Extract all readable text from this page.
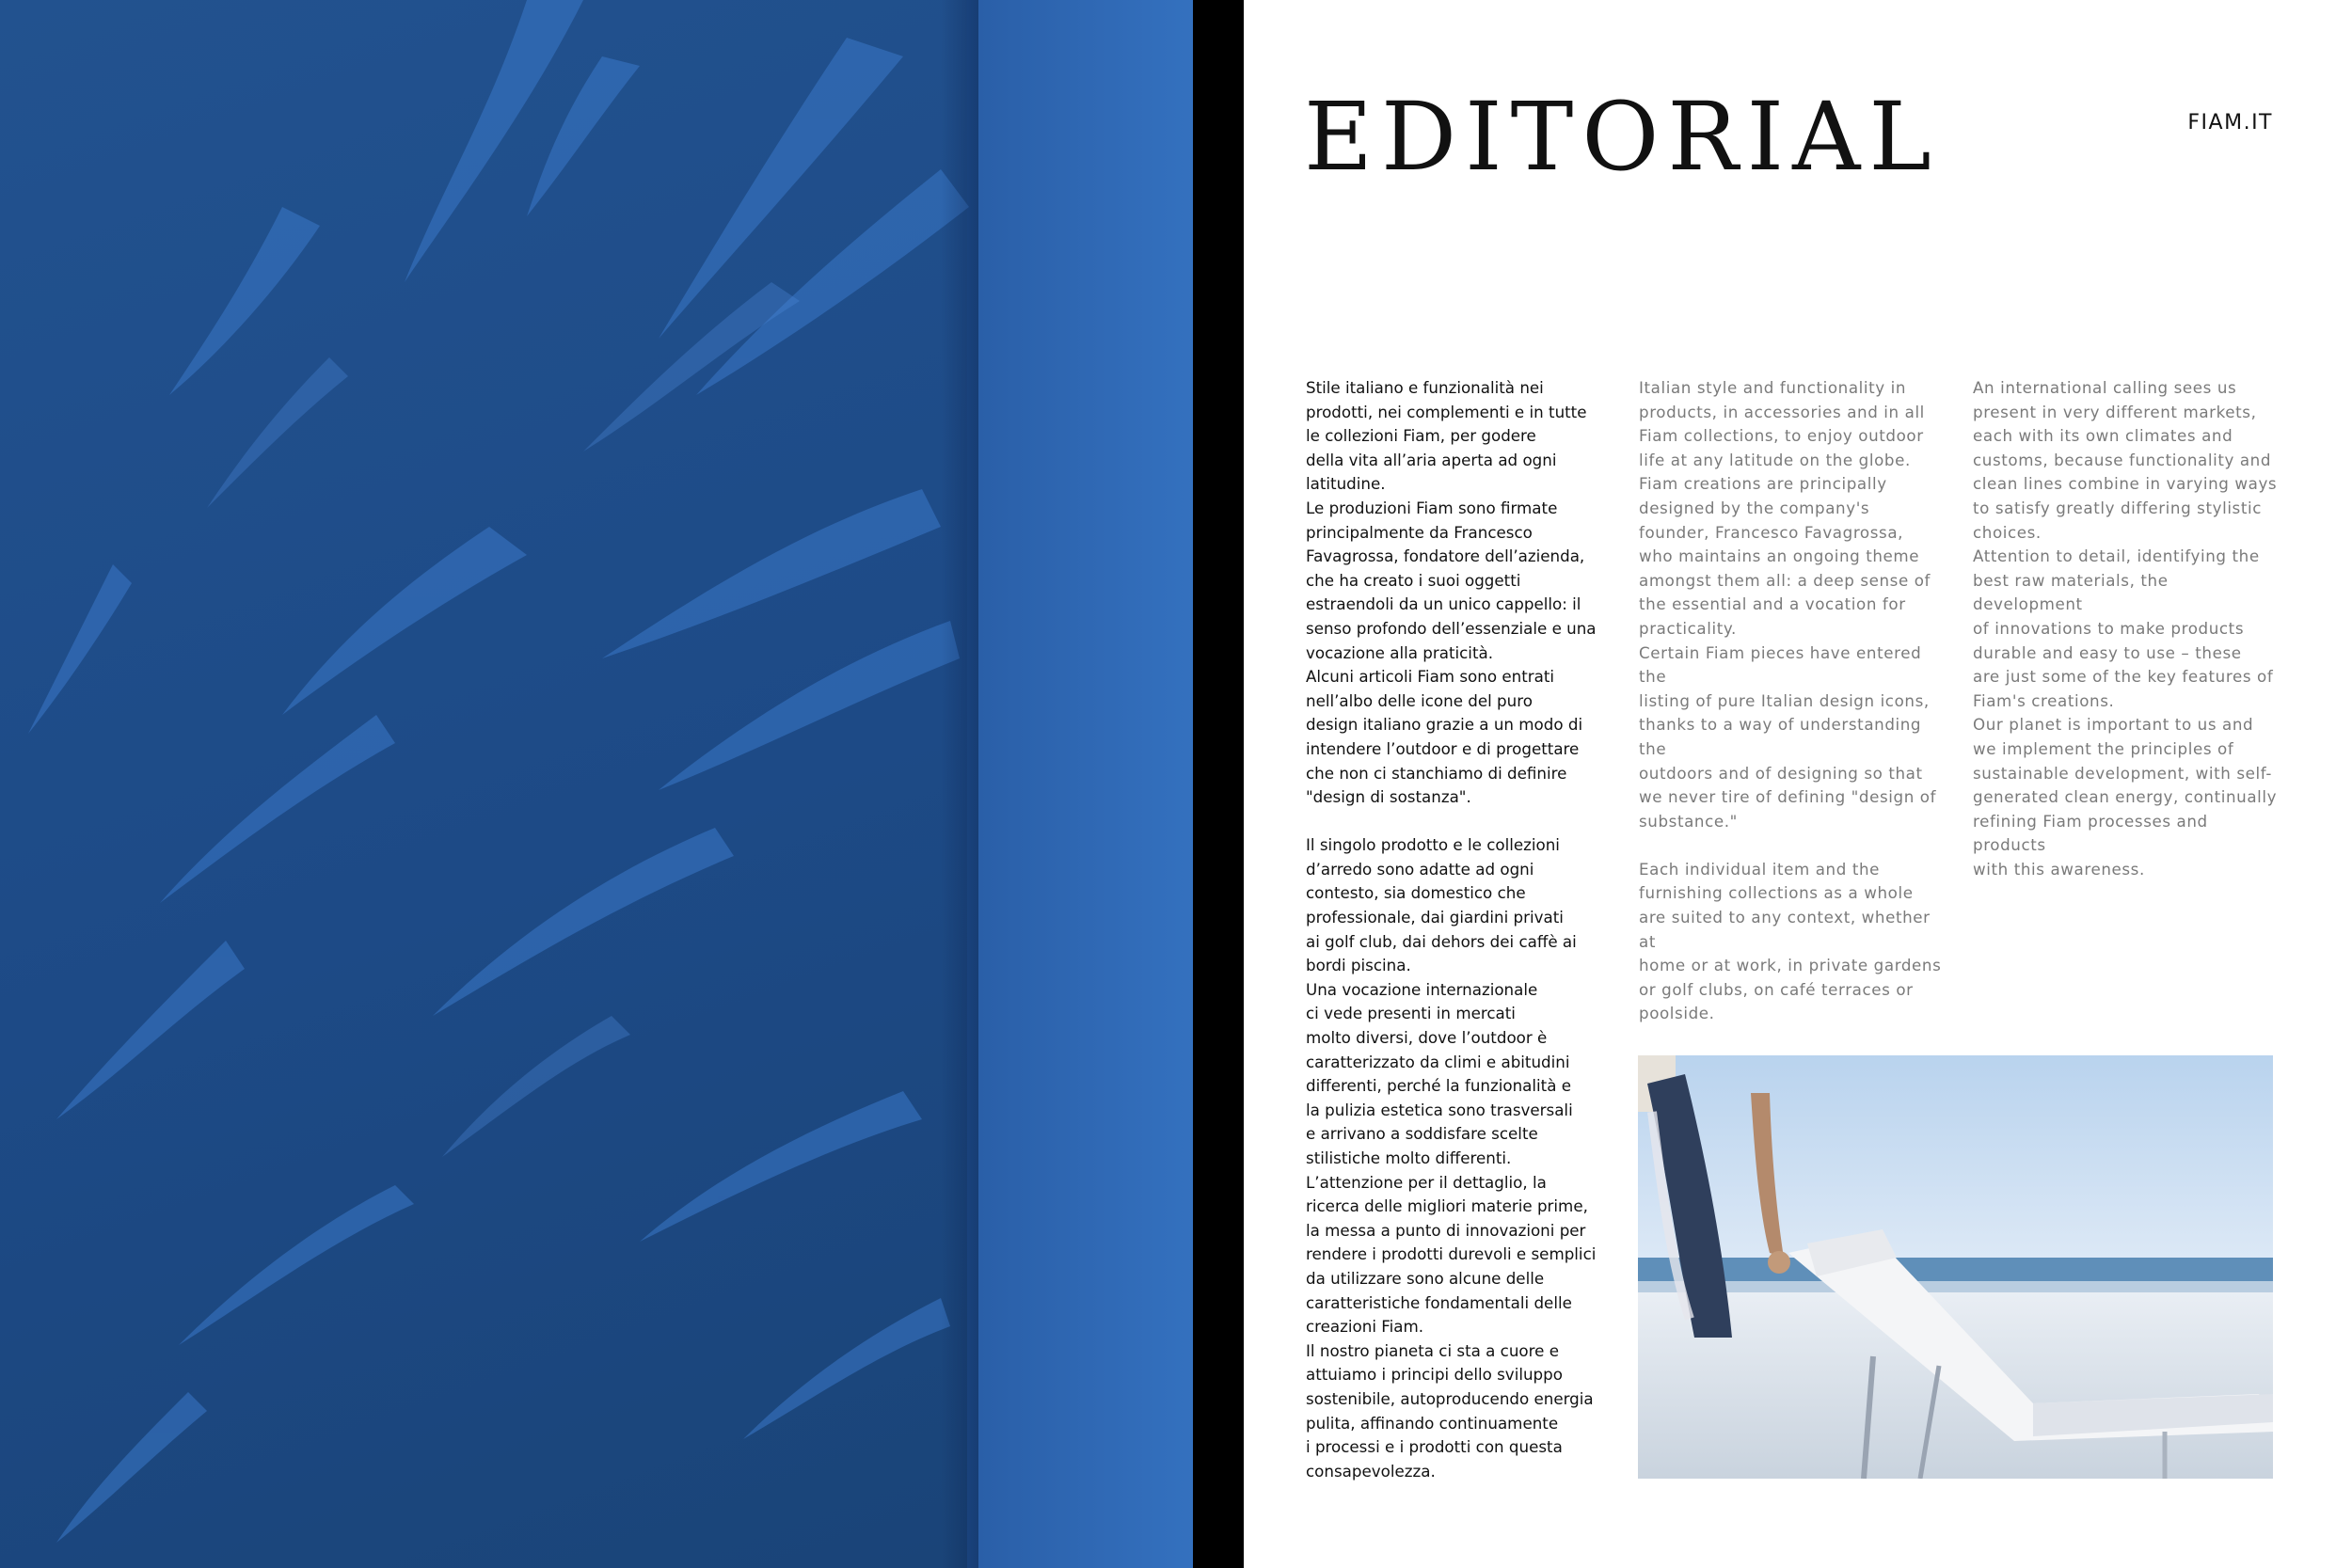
EDITORIAL	FIAM.IT

Stile italiano e funzionalità nei
prodotti, nei complementi e in tutte
le collezioni Fiam, per godere
della vita all’aria aperta ad ogni
latitudine.
Le produzioni Fiam sono firmate
principalmente da Francesco
Favagrossa, fondatore dell’azienda,
che ha creato i suoi oggetti
estraendoli da un unico cappello: il
senso profondo dell’essenziale e una
vocazione alla praticità.
Alcuni articoli Fiam sono entrati
nell’albo delle icone del puro
design italiano grazie a un modo di
intendere l’outdoor e di progettare
che non ci stanchiamo di definire
"design di sostanza".

Il singolo prodotto e le collezioni
d’arredo sono adatte ad ogni
contesto, sia domestico che
professionale, dai giardini privati
ai golf club, dai dehors dei caffè ai
bordi piscina.
Una vocazione internazionale
ci vede presenti in mercati
molto diversi, dove l’outdoor è
caratterizzato da climi e abitudini
differenti, perché la funzionalità e
la pulizia estetica sono trasversali
e arrivano a soddisfare scelte
stilistiche molto differenti.
L’attenzione per il dettaglio, la
ricerca delle migliori materie prime,
la messa a punto di innovazioni per
rendere i prodotti durevoli e semplici
da utilizzare sono alcune delle
caratteristiche fondamentali delle
creazioni Fiam.
Il nostro pianeta ci sta a cuore e
attuiamo i principi dello sviluppo
sostenibile, autoproducendo energia
pulita, affinando continuamente
i processi e i prodotti con questa
consapevolezza.

Italian style and functionality in
products, in accessories and in all
Fiam collections, to enjoy outdoor
life at any latitude on the globe.
Fiam creations are principally
designed by the company's
founder, Francesco Favagrossa,
who maintains an ongoing theme
amongst them all: a deep sense of
the essential and a vocation for
practicality.
Certain Fiam pieces have entered the
listing of pure Italian design icons,
thanks to a way of understanding the
outdoors and of designing so that
we never tire of defining "design of
substance."

Each individual item and the
furnishing collections as a whole
are suited to any context, whether at
home or at work, in private gardens
or golf clubs, on café terraces or
poolside.

An international calling sees us
present in very different markets,
each with its own climates and
customs, because functionality and
clean lines combine in varying ways
to satisfy greatly differing stylistic
choices.
Attention to detail, identifying the
best raw materials, the development
of innovations to make products
durable and easy to use – these
are just some of the key features of
Fiam's creations.
Our planet is important to us and
we implement the principles of
sustainable development, with self-
generated clean energy, continually
refining Fiam processes and products
with this awareness.
